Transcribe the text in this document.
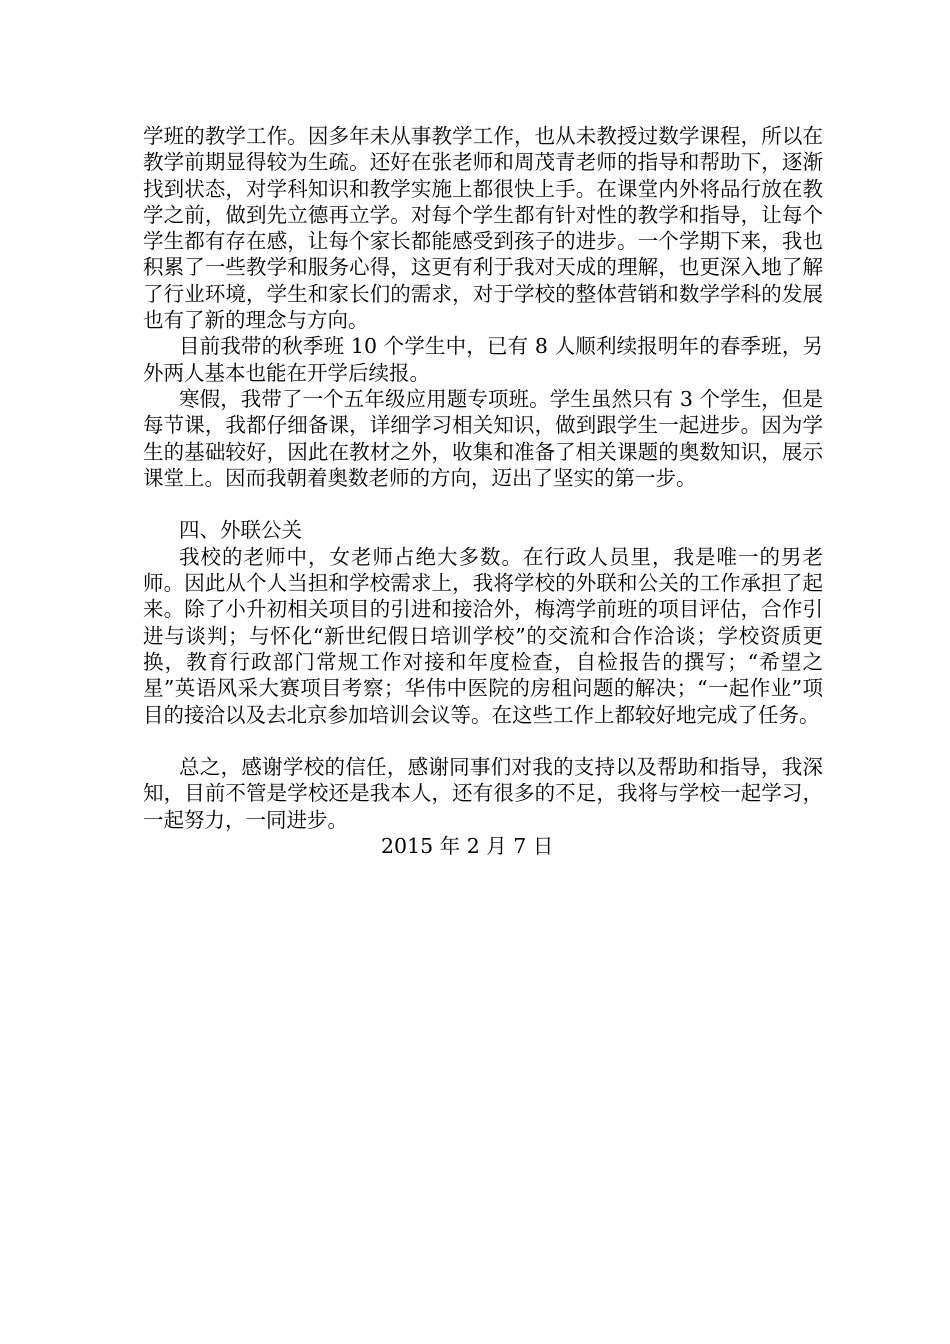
学班的教学工作。因多年未从事教学工作，也从未教授过数学课程，所以在教学前期显得较为生疏。还好在张老师和周茂青老师的指导和帮助下，逐渐找到状态，对学科知识和教学实施上都很快上手。在课堂内外将品行放在教学之前，做到先立德再立学。对每个学生都有针对性的教学和指导，让每个学生都有存在感，让每个家长都能感受到孩子的进步。一个学期下来，我也积累了一些教学和服务心得，这更有利于我对天成的理解，也更深入地了解了行业环境，学生和家长们的需求，对于学校的整体营销和数学学科的发展也有了新的理念与方向。

目前我带的秋季班 10 个学生中，已有 8 人顺利续报明年的春季班，另外两人基本也能在开学后续报。

寒假，我带了一个五年级应用题专项班。学生虽然只有 3 个学生，但是每节课，我都仔细备课，详细学习相关知识，做到跟学生一起进步。因为学生的基础较好，因此在教材之外，收集和准备了相关课题的奥数知识，展示课堂上。因而我朝着奥数老师的方向，迈出了坚实的第一步。

四、外联公关

我校的老师中，女老师占绝大多数。在行政人员里，我是唯一的男老师。因此从个人当担和学校需求上，我将学校的外联和公关的工作承担了起来。除了小升初相关项目的引进和接洽外，梅湾学前班的项目评估，合作引进与谈判；与怀化“新世纪假日培训学校”的交流和合作洽谈；学校资质更换，教育行政部门常规工作对接和年度检查，自检报告的撰写；“希望之星”英语风采大赛项目考察；华伟中医院的房租问题的解决；“一起作业”项目的接洽以及去北京参加培训会议等。在这些工作上都较好地完成了任务。

总之，感谢学校的信任，感谢同事们对我的支持以及帮助和指导，我深知，目前不管是学校还是我本人，还有很多的不足，我将与学校一起学习，一起努力，一同进步。

2015 年 2 月 7 日
